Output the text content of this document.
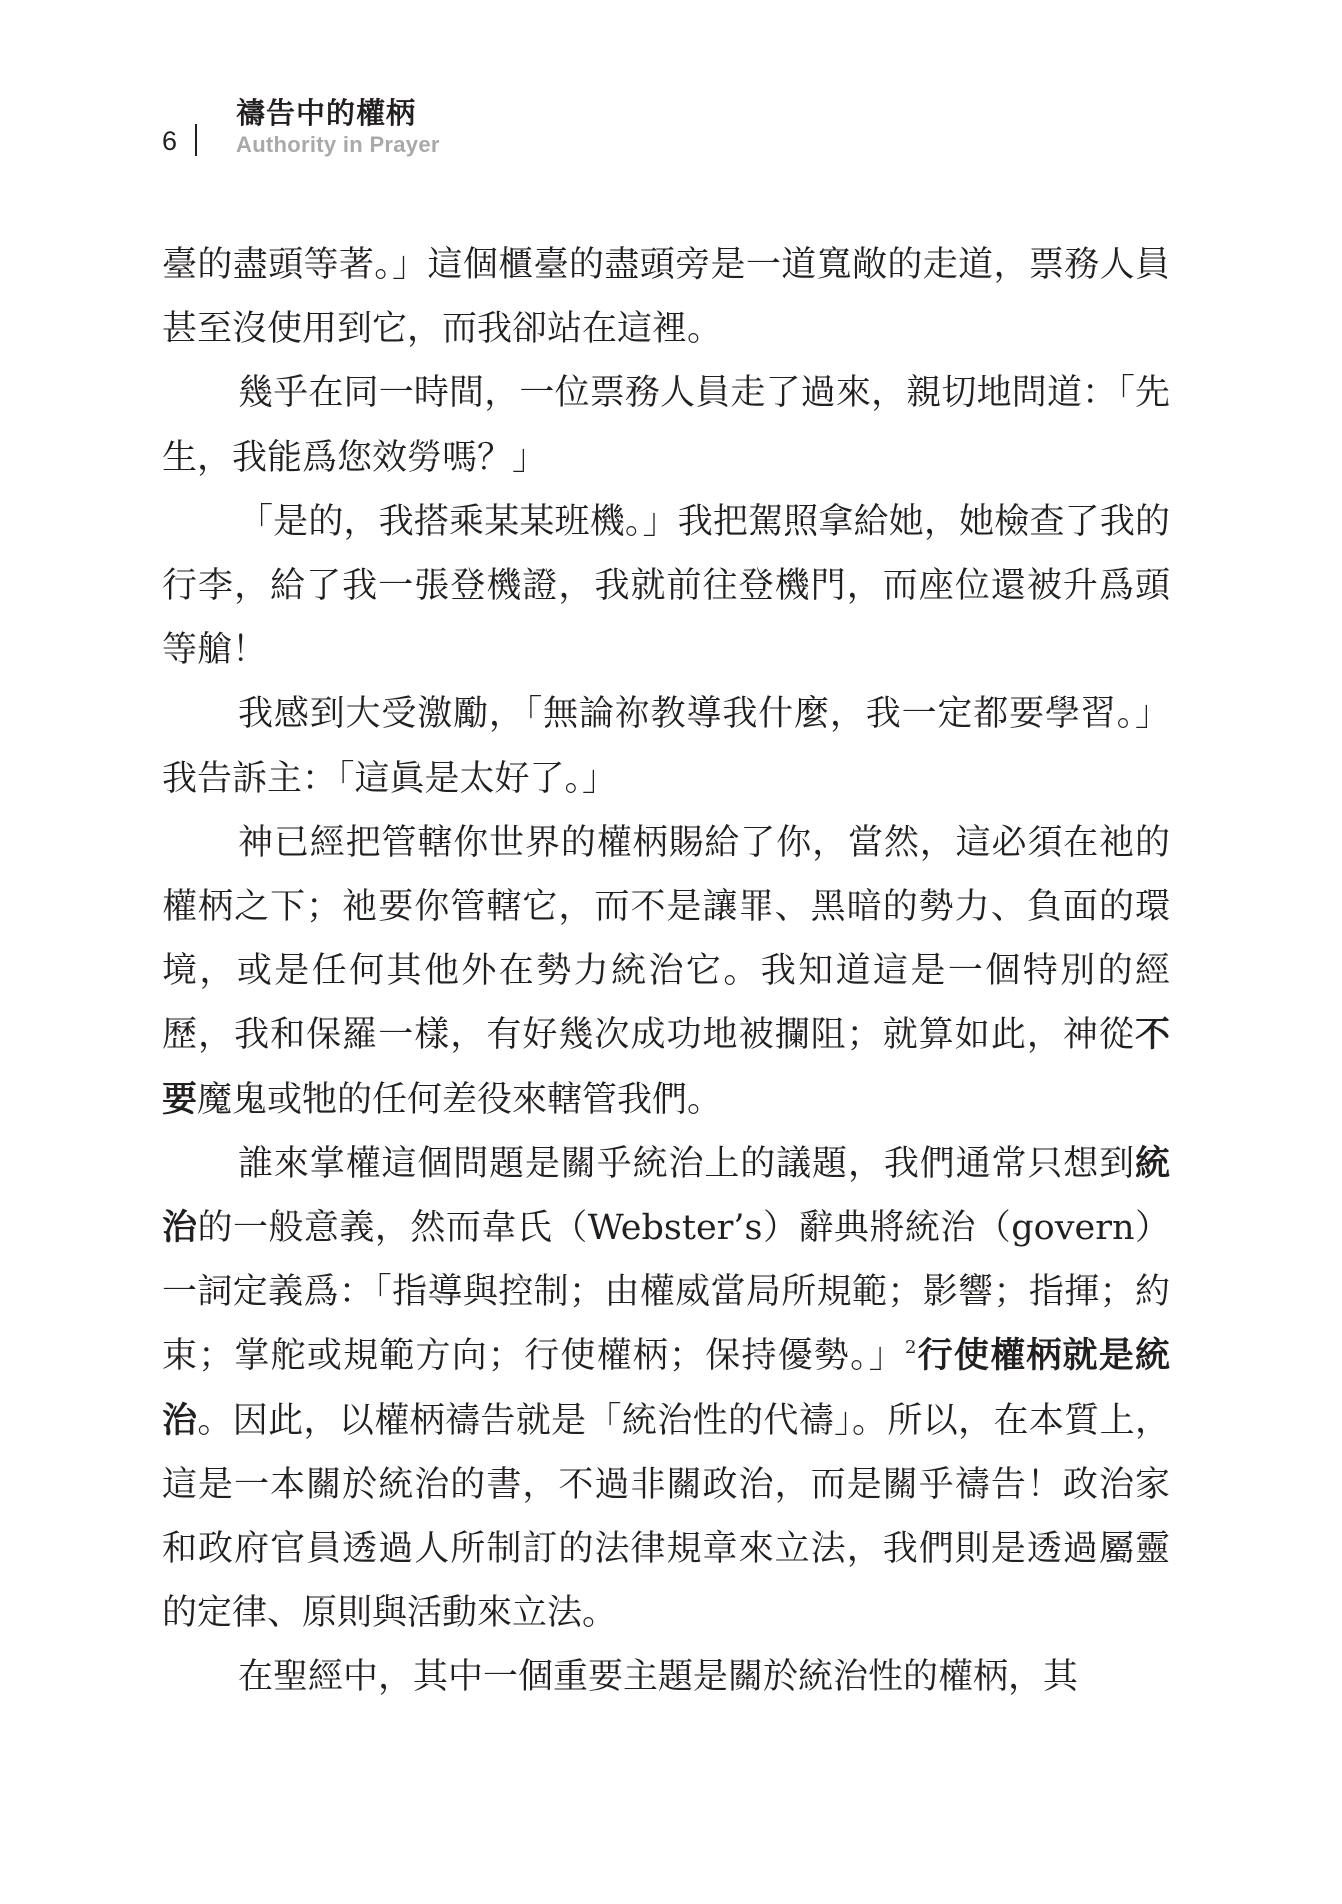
6
禱告中的權柄
Authority in Prayer

臺的盡頭等著。」這個櫃臺的盡頭旁是一道寬敞的走道，票務人員甚至沒使用到它，而我卻站在這裡。

幾乎在同一時間，一位票務人員走了過來，親切地問道：「先生，我能爲您效勞嗎？」

「是的，我搭乘某某班機。」我把駕照拿給她，她檢查了我的行李，給了我一張登機證，我就前往登機門，而座位還被升爲頭等艙！

我感到大受激勵，「無論祢教導我什麼，我一定都要學習。」我告訴主：「這眞是太好了。」

神已經把管轄你世界的權柄賜給了你，當然，這必須在祂的權柄之下；祂要你管轄它，而不是讓罪、黑暗的勢力、負面的環境，或是任何其他外在勢力統治它。我知道這是一個特別的經歷，我和保羅一樣，有好幾次成功地被攔阻；就算如此，神從不要魔鬼或牠的任何差役來轄管我們。

誰來掌權這個問題是關乎統治上的議題，我們通常只想到統治的一般意義，然而韋氏（Webster’s）辭典將統治（govern）一詞定義爲：「指導與控制；由權威當局所規範；影響；指揮；約束；掌舵或規範方向；行使權柄；保持優勢。」$^2$行使權柄就是統治。因此，以權柄禱告就是「統治性的代禱」。所以，在本質上，這是一本關於統治的書，不過非關政治，而是關乎禱告！政治家和政府官員透過人所制訂的法律規章來立法，我們則是透過屬靈的定律、原則與活動來立法。

在聖經中，其中一個重要主題是關於統治性的權柄，其
